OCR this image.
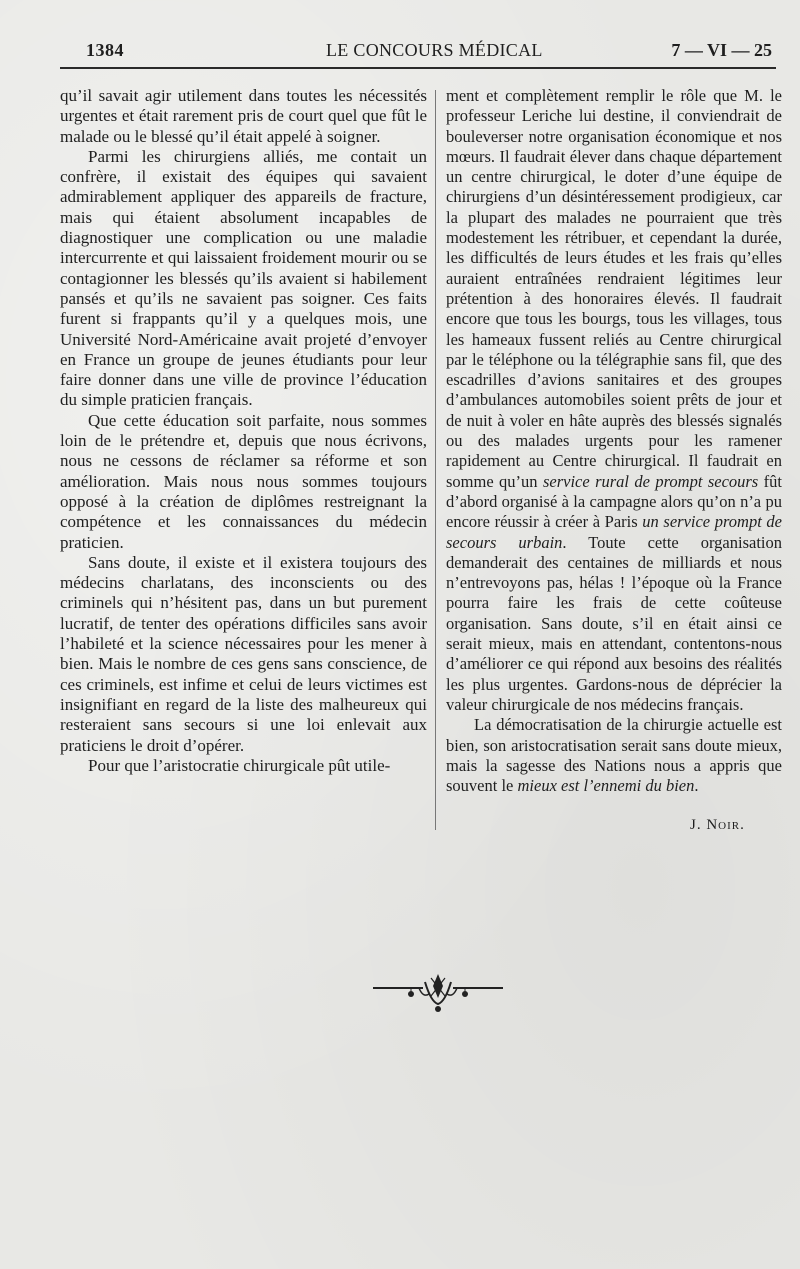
1384	LE CONCOURS MÉDICAL	7 — VI — 25

qu’il savait agir utilement dans toutes les nécessités urgentes et était rarement pris de court quel que fût le malade ou le blessé qu’il était appelé à soigner.

Parmi les chirurgiens alliés, me contait un confrère, il existait des équipes qui savaient admirablement appliquer des appareils de fracture, mais qui étaient absolument incapables de diagnostiquer une complication ou une maladie intercurrente et qui laissaient froidement mourir ou se contagionner les blessés qu’ils avaient si habilement pansés et qu’ils ne savaient pas soigner. Ces faits furent si frappants qu’il y a quelques mois, une Université Nord-Américaine avait projeté d’envoyer en France un groupe de jeunes étudiants pour leur faire donner dans une ville de province l’éducation du simple praticien français.

Que cette éducation soit parfaite, nous sommes loin de le prétendre et, depuis que nous écrivons, nous ne cessons de réclamer sa réforme et son amélioration. Mais nous nous sommes toujours opposé à la création de diplômes restreignant la compétence et les connaissances du médecin praticien.

Sans doute, il existe et il existera toujours des médecins charlatans, des inconscients ou des criminels qui n’hésitent pas, dans un but purement lucratif, de tenter des opérations difficiles sans avoir l’habileté et la science nécessaires pour les mener à bien. Mais le nombre de ces gens sans conscience, de ces criminels, est infime et celui de leurs victimes est insignifiant en regard de la liste des malheureux qui resteraient sans secours si une loi enlevait aux praticiens le droit d’opérer.

Pour que l’aristocratie chirurgicale pût utile-

ment et complètement remplir le rôle que M. le professeur Leriche lui destine, il conviendrait de bouleverser notre organisation économique et nos mœurs. Il faudrait élever dans chaque département un centre chirurgical, le doter d’une équipe de chirurgiens d’un désintéressement prodigieux, car la plupart des malades ne pourraient que très modestement les rétribuer, et cependant la durée, les difficultés de leurs études et les frais qu’elles auraient entraînées rendraient légitimes leur prétention à des honoraires élevés. Il faudrait encore que tous les bourgs, tous les villages, tous les hameaux fussent reliés au Centre chirurgical par le téléphone ou la télégraphie sans fil, que des escadrilles d’avions sanitaires et des groupes d’ambulances automobiles soient prêts de jour et de nuit à voler en hâte auprès des blessés signalés ou des malades urgents pour les ramener rapidement au Centre chirurgical. Il faudrait en somme qu’un service rural de prompt secours fût d’abord organisé à la campagne alors qu’on n’a pu encore réussir à créer à Paris un service prompt de secours urbain. Toute cette organisation demanderait des centaines de milliards et nous n’entrevoyons pas, hélas ! l’époque où la France pourra faire les frais de cette coûteuse organisation. Sans doute, s’il en était ainsi ce serait mieux, mais en attendant, contentons-nous d’améliorer ce qui répond aux besoins des réalités les plus urgentes. Gardons-nous de déprécier la valeur chirurgicale de nos médecins français.

La démocratisation de la chirurgie actuelle est bien, son aristocratisation serait sans doute mieux, mais la sagesse des Nations nous a appris que souvent le mieux est l’ennemi du bien.

J. Noir.
